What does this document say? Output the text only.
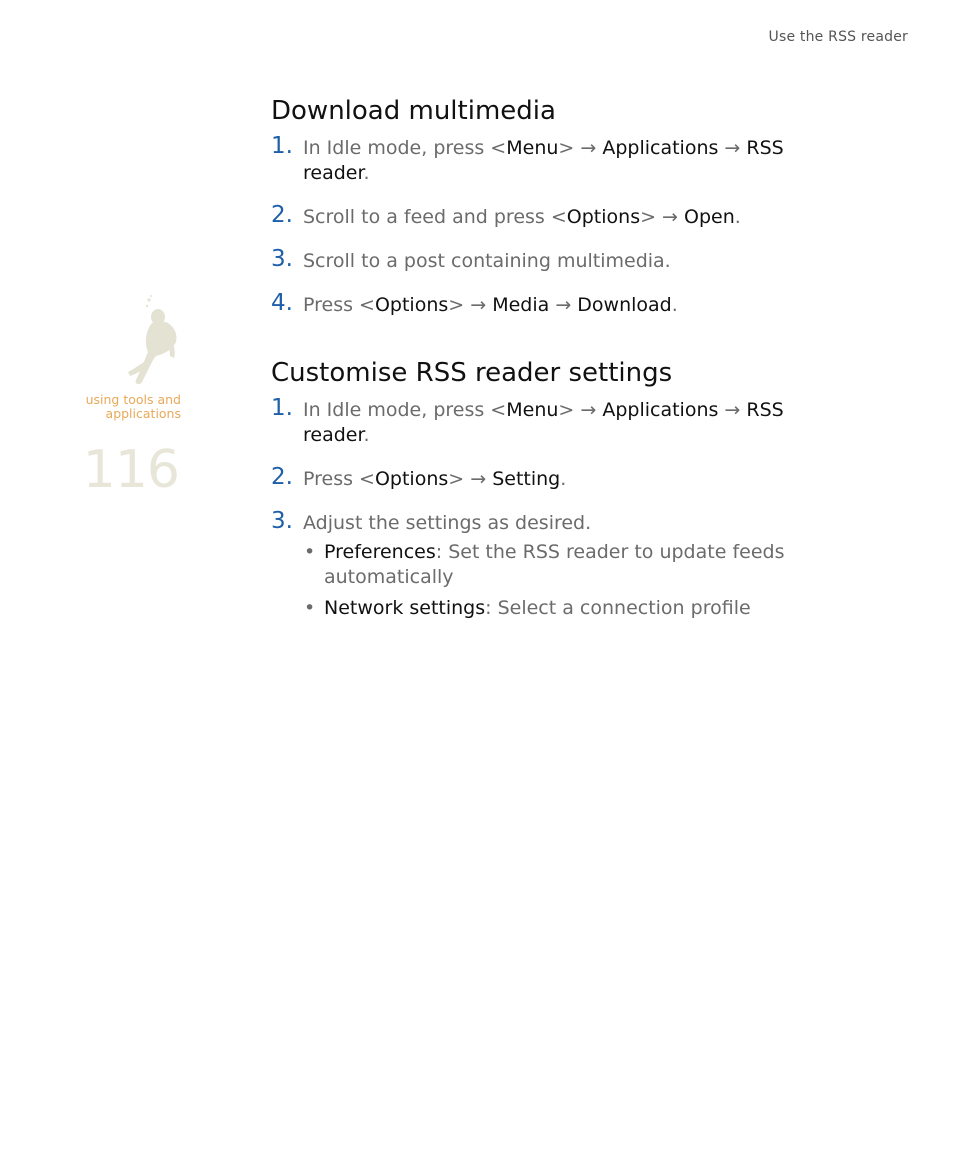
Use the RSS reader
using tools and
applications
116
Download multimedia
1. In Idle mode, press <Menu> → Applications → RSS reader.
2. Scroll to a feed and press <Options> → Open.
3. Scroll to a post containing multimedia.
4. Press <Options> → Media → Download.
Customise RSS reader settings
1. In Idle mode, press <Menu> → Applications → RSS reader.
2. Press <Options> → Setting.
3. Adjust the settings as desired.
• Preferences: Set the RSS reader to update feeds automatically
• Network settings: Select a connection profile
